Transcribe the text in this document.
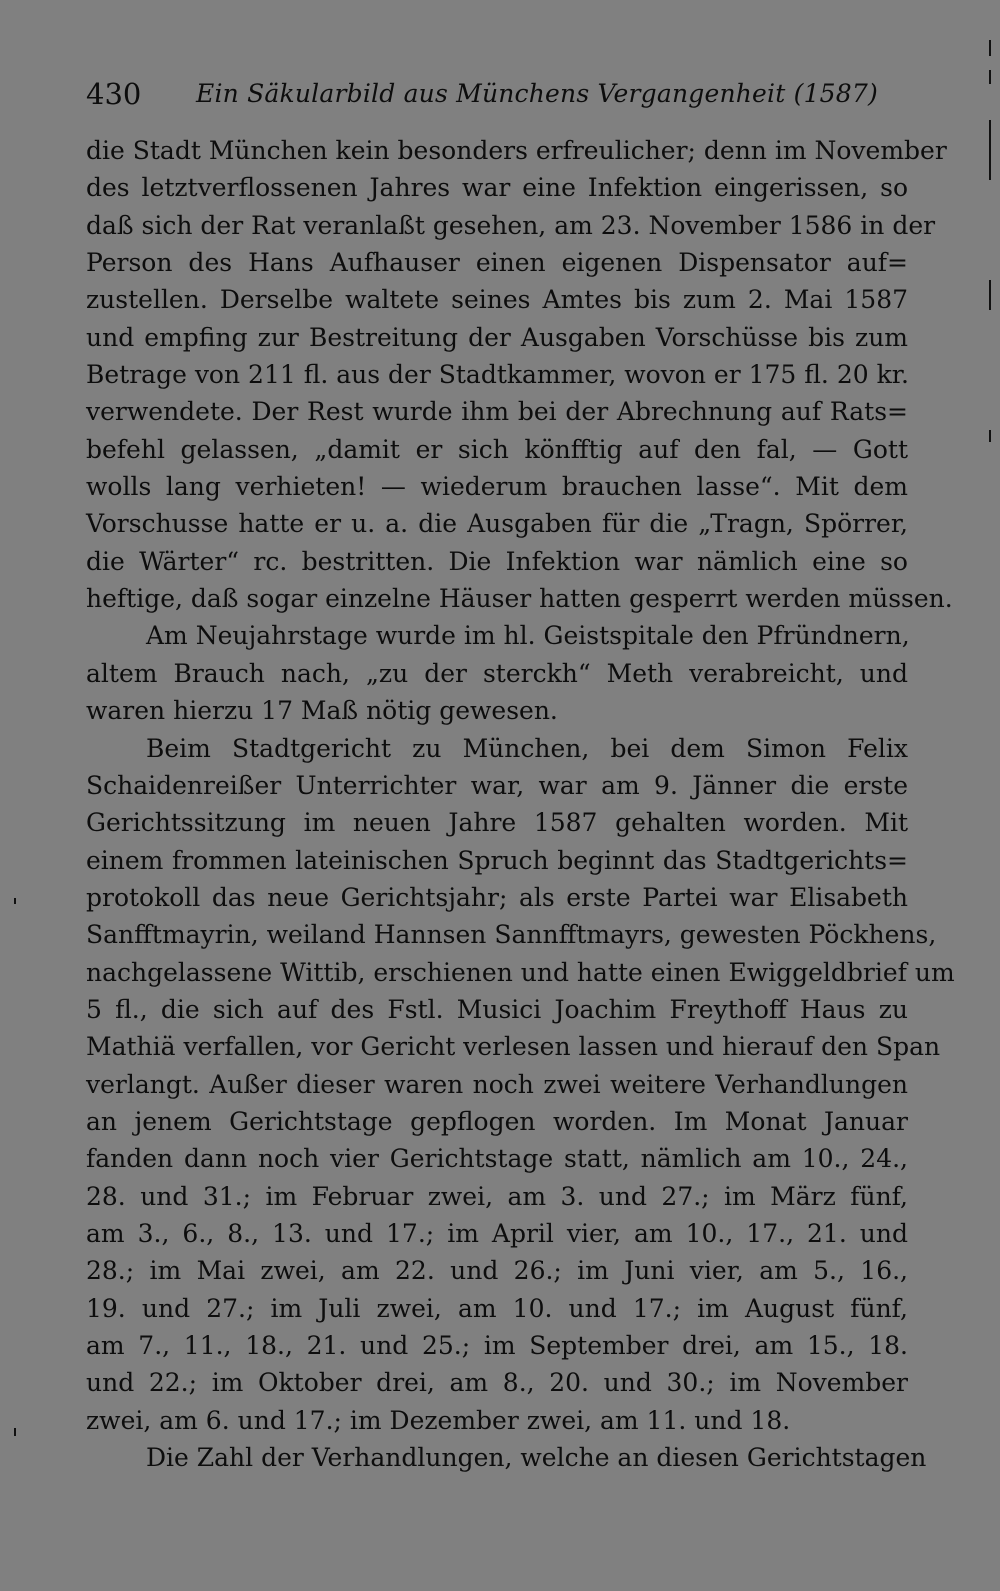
430 Ein Säkularbild aus Münchens Vergangenheit (1587)
die Stadt München kein besonders erfreulicher; denn im November
des letztverflossenen Jahres war eine Infektion eingerissen, so
daß sich der Rat veranlaßt gesehen, am 23. November 1586 in der
Person des Hans Aufhauser einen eigenen Dispensator auf=
zustellen. Derselbe waltete seines Amtes bis zum 2. Mai 1587
und empfing zur Bestreitung der Ausgaben Vorschüsse bis zum
Betrage von 211 fl. aus der Stadtkammer, wovon er 175 fl. 20 kr.
verwendete. Der Rest wurde ihm bei der Abrechnung auf Rats=
befehl gelassen, „damit er sich könfftig auf den fal, — Gott
wolls lang verhieten! — wiederum brauchen lasse“. Mit dem
Vorschusse hatte er u. a. die Ausgaben für die „Tragn, Spörrer,
die Wärter“ rc. bestritten. Die Infektion war nämlich eine so
heftige, daß sogar einzelne Häuser hatten gesperrt werden müssen.
Am Neujahrstage wurde im hl. Geistspitale den Pfründnern,
altem Brauch nach, „zu der sterckh“ Meth verabreicht, und
waren hierzu 17 Maß nötig gewesen.
Beim Stadtgericht zu München, bei dem Simon Felix
Schaidenreißer Unterrichter war, war am 9. Jänner die erste
Gerichtssitzung im neuen Jahre 1587 gehalten worden. Mit
einem frommen lateinischen Spruch beginnt das Stadtgerichts=
protokoll das neue Gerichtsjahr; als erste Partei war Elisabeth
Sanfftmayrin, weiland Hannsen Sannfftmayrs, gewesten Pöckhens,
nachgelassene Wittib, erschienen und hatte einen Ewiggeldbrief um
5 fl., die sich auf des Fstl. Musici Joachim Freythoff Haus zu
Mathiä verfallen, vor Gericht verlesen lassen und hierauf den Span
verlangt. Außer dieser waren noch zwei weitere Verhandlungen
an jenem Gerichtstage gepflogen worden. Im Monat Januar
fanden dann noch vier Gerichtstage statt, nämlich am 10., 24.,
28. und 31.; im Februar zwei, am 3. und 27.; im März fünf,
am 3., 6., 8., 13. und 17.; im April vier, am 10., 17., 21. und
28.; im Mai zwei, am 22. und 26.; im Juni vier, am 5., 16.,
19. und 27.; im Juli zwei, am 10. und 17.; im August fünf,
am 7., 11., 18., 21. und 25.; im September drei, am 15., 18.
und 22.; im Oktober drei, am 8., 20. und 30.; im November
zwei, am 6. und 17.; im Dezember zwei, am 11. und 18.
Die Zahl der Verhandlungen, welche an diesen Gerichtstagen
